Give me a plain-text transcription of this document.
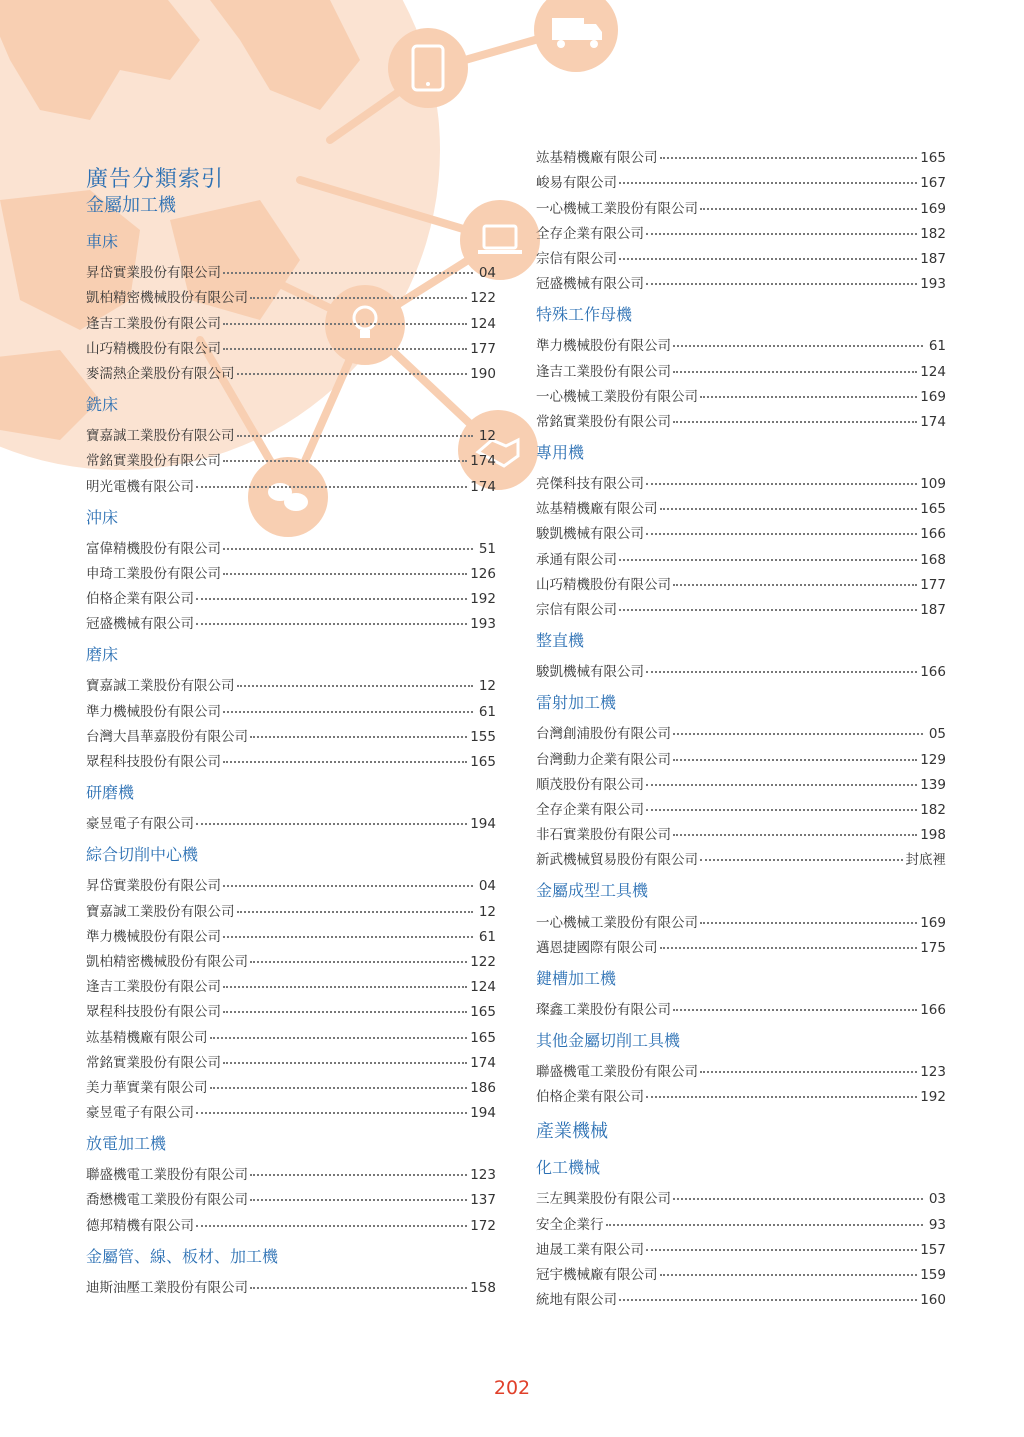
廣告分類索引
金屬加工機
車床
昇岱實業股份有限公司	04
凱柏精密機械股份有限公司	122
逢吉工業股份有限公司	124
山巧精機股份有限公司	177
麥濡熱企業股份有限公司	190
銑床
寶嘉誠工業股份有限公司	12
常銘實業股份有限公司	174
明光電機有限公司	174
沖床
富偉精機股份有限公司	51
申琦工業股份有限公司	126
伯格企業有限公司	192
冠盛機械有限公司	193
磨床
寶嘉誠工業股份有限公司	12
準力機械股份有限公司	61
台灣大昌華嘉股份有限公司	155
眾程科技股份有限公司	165
研磨機
豪昱電子有限公司	194
綜合切削中心機
昇岱實業股份有限公司	04
寶嘉誠工業股份有限公司	12
準力機械股份有限公司	61
凱柏精密機械股份有限公司	122
逢吉工業股份有限公司	124
眾程科技股份有限公司	165
竑基精機廠有限公司	165
常銘實業股份有限公司	174
美力華實業有限公司	186
豪昱電子有限公司	194
放電加工機
聯盛機電工業股份有限公司	123
喬懋機電工業股份有限公司	137
德邦精機有限公司	172
金屬管、線、板材、加工機
迪斯油壓工業股份有限公司	158
竑基精機廠有限公司	165
峻易有限公司	167
一心機械工業股份有限公司	169
全存企業有限公司	182
宗信有限公司	187
冠盛機械有限公司	193
特殊工作母機
準力機械股份有限公司	61
逢吉工業股份有限公司	124
一心機械工業股份有限公司	169
常銘實業股份有限公司	174
專用機
亮傑科技有限公司	109
竑基精機廠有限公司	165
駿凱機械有限公司	166
承通有限公司	168
山巧精機股份有限公司	177
宗信有限公司	187
整直機
駿凱機械有限公司	166
雷射加工機
台灣創浦股份有限公司	05
台灣動力企業有限公司	129
順茂股份有限公司	139
全存企業有限公司	182
非石實業股份有限公司	198
新武機械貿易股份有限公司	封底裡
金屬成型工具機
一心機械工業股份有限公司	169
邁恩捷國際有限公司	175
鍵槽加工機
璨鑫工業股份有限公司	166
其他金屬切削工具機
聯盛機電工業股份有限公司	123
伯格企業有限公司	192
產業機械
化工機械
三左興業股份有限公司	03
安全企業行	93
迪晟工業有限公司	157
冠宇機械廠有限公司	159
統地有限公司	160
202
